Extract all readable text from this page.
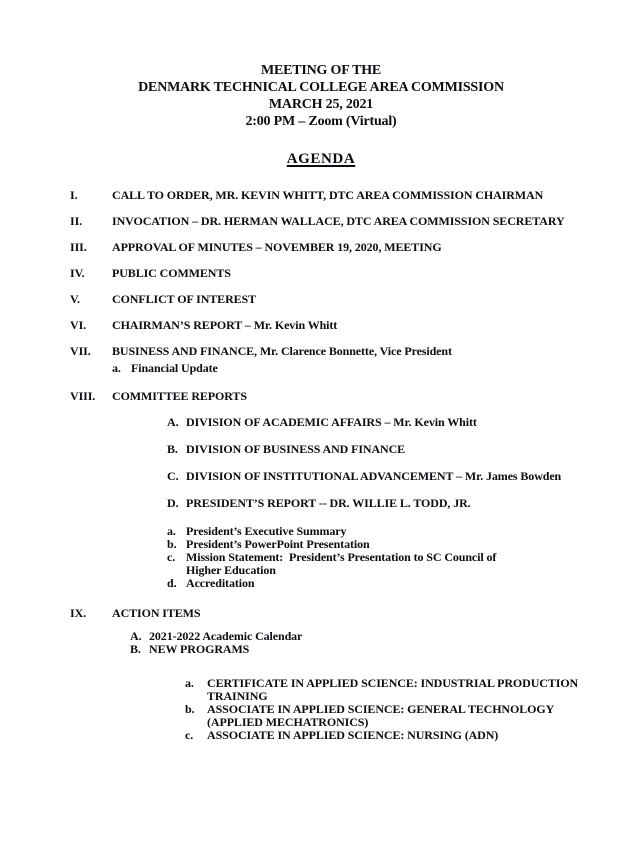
MEETING OF THE
DENMARK TECHNICAL COLLEGE AREA COMMISSION
MARCH 25, 2021
2:00 PM – Zoom (Virtual)
AGENDA
I.	CALL TO ORDER, MR. KEVIN WHITT, DTC AREA COMMISSION CHAIRMAN
II.	INVOCATION – DR. HERMAN WALLACE, DTC AREA COMMISSION SECRETARY
III.	APPROVAL OF MINUTES – NOVEMBER 19, 2020, MEETING
IV.	PUBLIC COMMENTS
V.	CONFLICT OF INTEREST
VI.	CHAIRMAN’S REPORT – Mr. Kevin Whitt
VII.	BUSINESS AND FINANCE, Mr. Clarence Bonnette, Vice President
a. Financial Update
VIII.	COMMITTEE REPORTS
A. DIVISION OF ACADEMIC AFFAIRS – Mr. Kevin Whitt
B. DIVISION OF BUSINESS AND FINANCE
C. DIVISION OF INSTITUTIONAL ADVANCEMENT – Mr. James Bowden
D. PRESIDENT’S REPORT -- DR. WILLIE L. TODD, JR.
a. President’s Executive Summary
b. President’s PowerPoint Presentation
c. Mission Statement:  President’s Presentation to SC Council of Higher Education
d. Accreditation
IX.	ACTION ITEMS
A. 2021-2022 Academic Calendar
B. NEW PROGRAMS
a.	CERTIFICATE IN APPLIED SCIENCE: INDUSTRIAL PRODUCTION TRAINING
b.	ASSOCIATE IN APPLIED SCIENCE: GENERAL TECHNOLOGY (APPLIED MECHATRONICS)
c.	ASSOCIATE IN APPLIED SCIENCE: NURSING (ADN)
